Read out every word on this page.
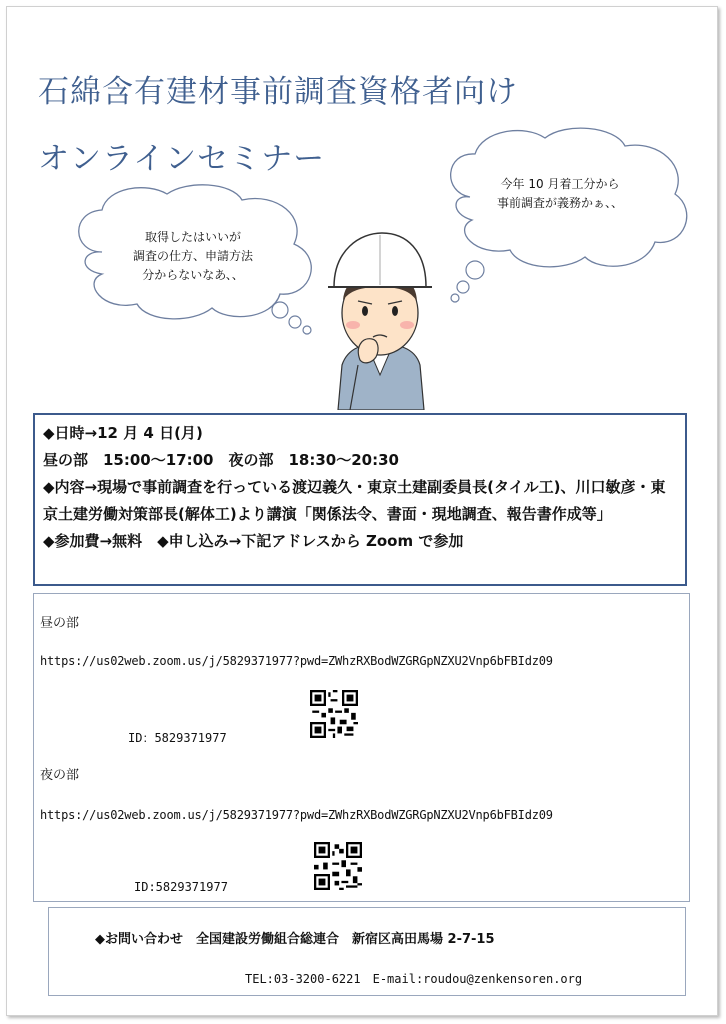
石綿含有建材事前調査資格者向け
オンラインセミナー
取得したはいいが
調査の仕方、申請方法
分からないなあ、、
今年 10 月着工分から
事前調査が義務かぁ、、
◆日時→12 月 4 日(月)
昼の部　15:00～17:00　夜の部　18:30～20:30
◆内容→現場で事前調査を行っている渡辺義久・東京土建副委員長(タイル工)、川口敏彦・東京土建労働対策部長(解体工)より講演「関係法令、書面・現地調査、報告書作成等」
◆参加費→無料　◆申し込み→下記アドレスから Zoom で参加
昼の部
https://us02web.zoom.us/j/5829371977?pwd=ZWhzRXBodWZGRGpNZXU2Vnp6bFBIdz09
ID：5829371977
夜の部
https://us02web.zoom.us/j/5829371977?pwd=ZWhzRXBodWZGRGpNZXU2Vnp6bFBIdz09
ID:5829371977
◆お問い合わせ　全国建設労働組合総連合　新宿区高田馬場 2-7-15
TEL:03-3200-6221　E-mail:roudou@zenkensoren.org
